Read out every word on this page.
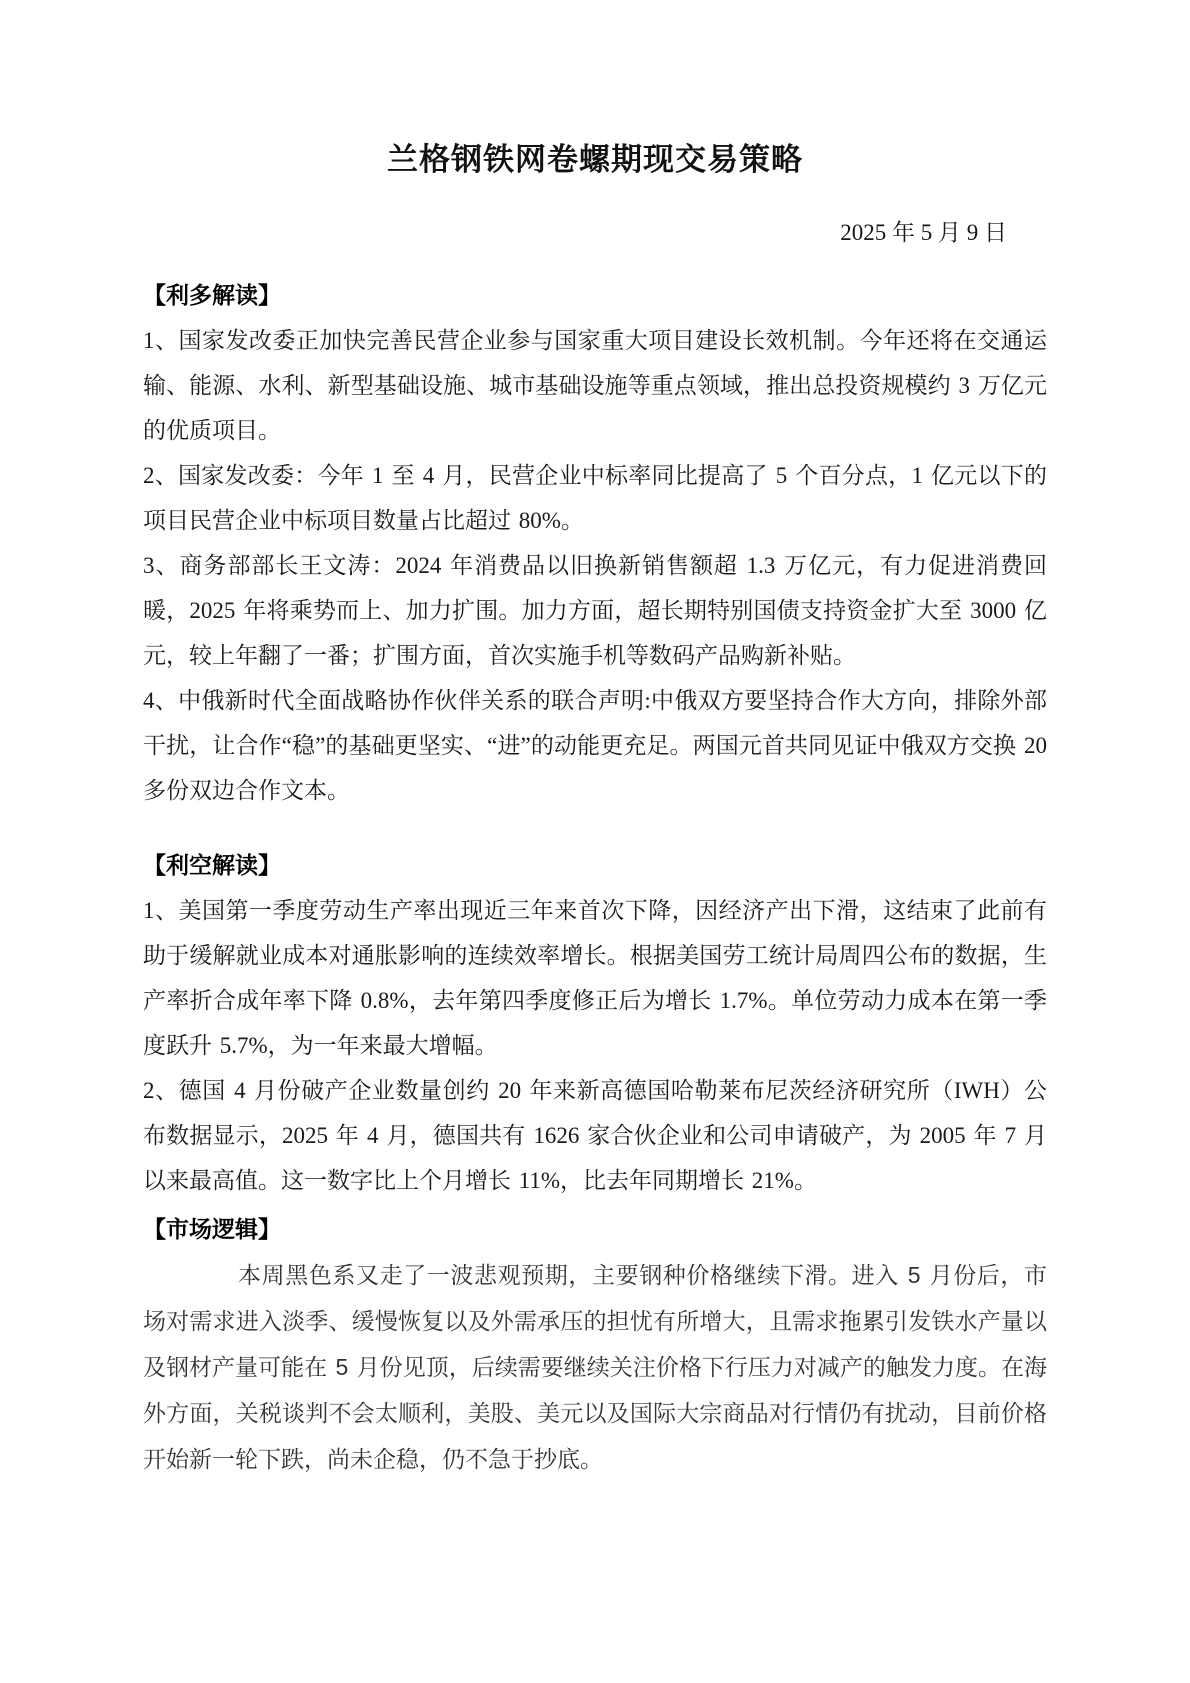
兰格钢铁网卷螺期现交易策略
2025 年 5 月 9 日
【利多解读】

1、国家发改委正加快完善民营企业参与国家重大项目建设长效机制。今年还将在交通运输、能源、水利、新型基础设施、城市基础设施等重点领域，推出总投资规模约 3 万亿元的优质项目。

2、国家发改委：今年 1 至 4 月，民营企业中标率同比提高了 5 个百分点，1 亿元以下的项目民营企业中标项目数量占比超过 80%。

3、商务部部长王文涛：2024 年消费品以旧换新销售额超 1.3 万亿元，有力促进消费回暖，2025 年将乘势而上、加力扩围。加力方面，超长期特别国债支持资金扩大至 3000 亿元，较上年翻了一番；扩围方面，首次实施手机等数码产品购新补贴。

4、中俄新时代全面战略协作伙伴关系的联合声明:中俄双方要坚持合作大方向，排除外部干扰，让合作“稳”的基础更坚实、“进”的动能更充足。两国元首共同见证中俄双方交换 20 多份双边合作文本。

【利空解读】

1、美国第一季度劳动生产率出现近三年来首次下降，因经济产出下滑，这结束了此前有助于缓解就业成本对通胀影响的连续效率增长。根据美国劳工统计局周四公布的数据，生产率折合成年率下降 0.8%，去年第四季度修正后为增长 1.7%。单位劳动力成本在第一季度跃升 5.7%，为一年来最大增幅。

2、德国 4 月份破产企业数量创约 20 年来新高德国哈勒莱布尼茨经济研究所（IWH）公布数据显示，2025 年 4 月，德国共有 1626 家合伙企业和公司申请破产，为 2005 年 7 月以来最高值。这一数字比上个月增长 11%，比去年同期增长 21%。

【市场逻辑】

本周黑色系又走了一波悲观预期，主要钢种价格继续下滑。进入 5 月份后，市场对需求进入淡季、缓慢恢复以及外需承压的担忧有所增大，且需求拖累引发铁水产量以及钢材产量可能在 5 月份见顶，后续需要继续关注价格下行压力对减产的触发力度。在海外方面，关税谈判不会太顺利，美股、美元以及国际大宗商品对行情仍有扰动，目前价格开始新一轮下跌，尚未企稳，仍不急于抄底。
